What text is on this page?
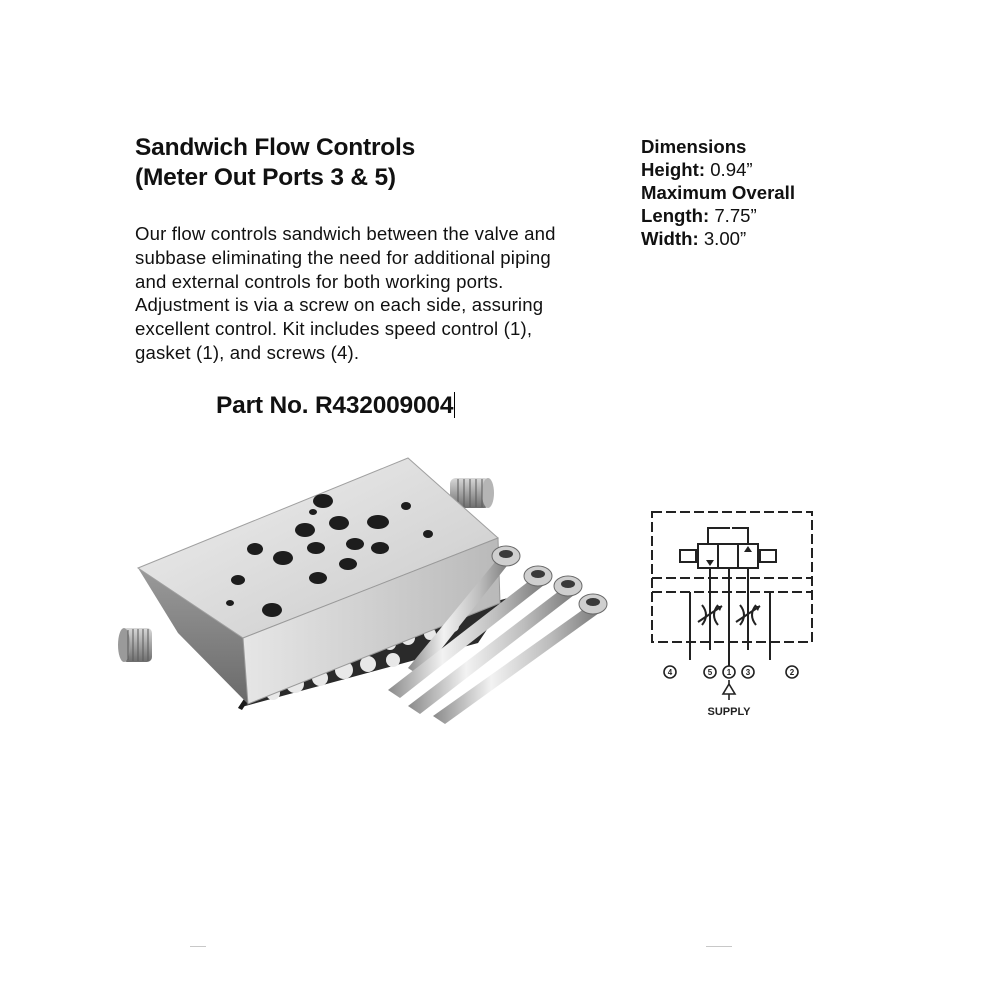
Sandwich Flow Controls
(Meter Out Ports 3 & 5)

Our flow controls sandwich between the valve and
subbase eliminating the need for additional piping
and external controls for both working ports.
Adjustment is via a screw on each side, assuring
excellent control. Kit includes speed control (1),
gasket (1), and screws (4).

Part No. R432009004
Dimensions
Height: 0.94”
Maximum Overall
Length: 7.75”
Width: 3.00”
4	5 1 3	2
SUPPLY
